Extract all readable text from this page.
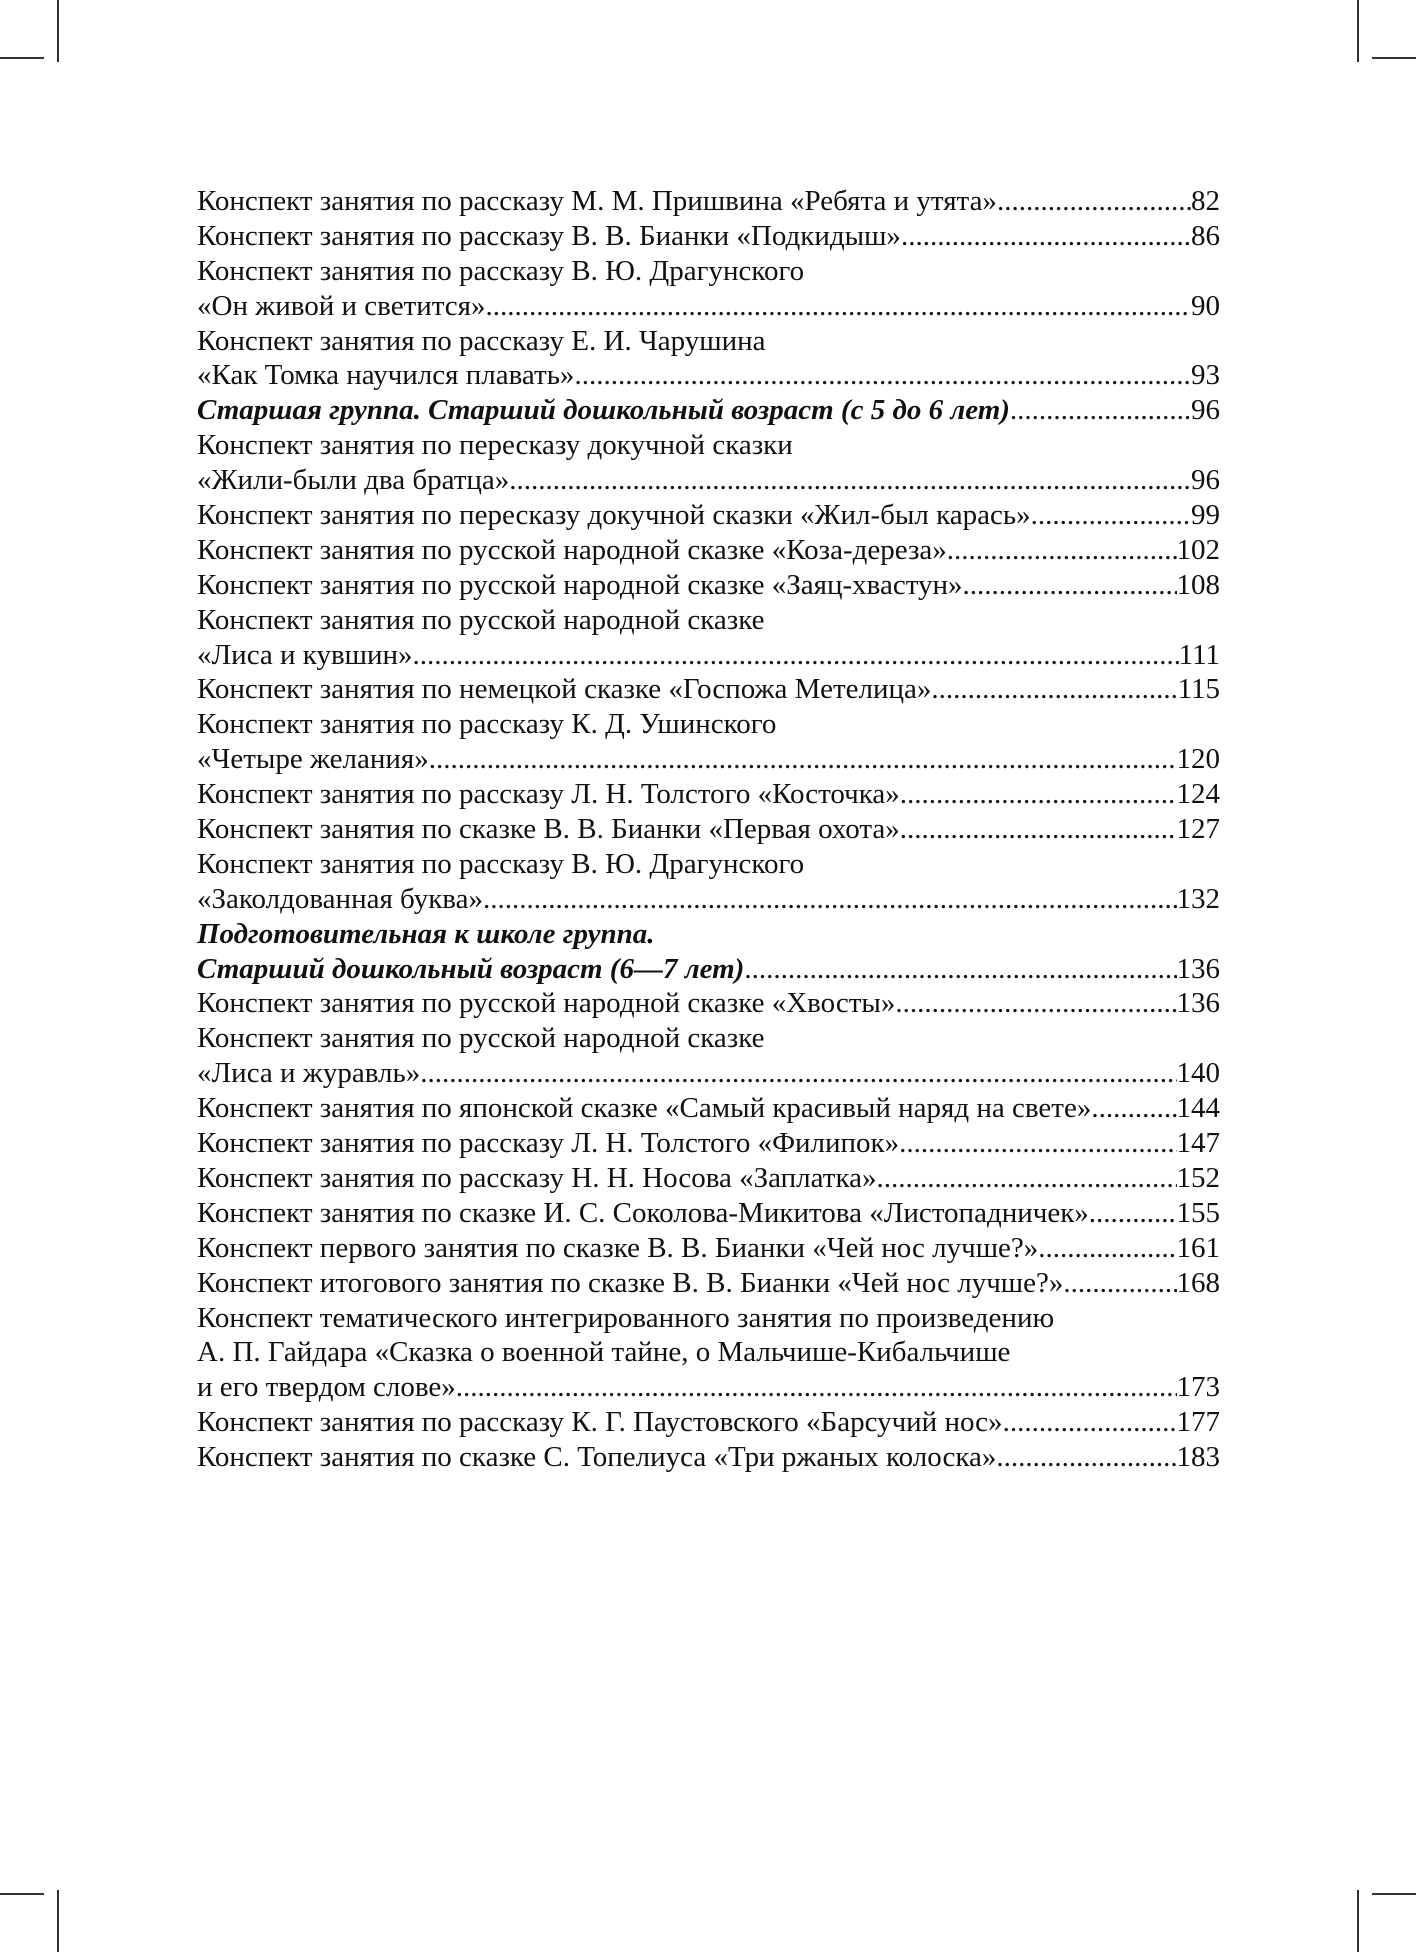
Конспект занятия по рассказу М. М. Пришвина «Ребята и утята» .....	82
Конспект занятия по рассказу В. В. Бианки «Подкидыш» .....	86
Конспект занятия по рассказу В. Ю. Драгунского
«Он живой и светится» .....	90
Конспект занятия по рассказу Е. И. Чарушина
«Как Томка научился плавать» .....	93
Старшая группа. Старший дошкольный возраст (с 5 до 6 лет) .....	96
Конспект занятия по пересказу докучной сказки
«Жили-были два братца» .....	96
Конспект занятия по пересказу докучной сказки «Жил-был карась» .....	99
Конспект занятия по русской народной сказке «Коза-дереза» .....	102
Конспект занятия по русской народной сказке «Заяц-хвастун» .....	108
Конспект занятия по русской народной сказке
«Лиса и кувшин» .....	111
Конспект занятия по немецкой сказке «Госпожа Метелица» .....	115
Конспект занятия по рассказу К. Д. Ушинского
«Четыре желания» .....	120
Конспект занятия по рассказу Л. Н. Толстого «Косточка» .....	124
Конспект занятия по сказке В. В. Бианки «Первая охота» .....	127
Конспект занятия по рассказу В. Ю. Драгунского
«Заколдованная буква» .....	132
Подготовительная к школе группа.
Старший дошкольный возраст (6—7 лет) .....	136
Конспект занятия по русской народной сказке «Хвосты» .....	136
Конспект занятия по русской народной сказке
«Лиса и журавль» .....	140
Конспект занятия по японской сказке «Самый красивый наряд на свете» .....	144
Конспект занятия по рассказу Л. Н. Толстого «Филипок» .....	147
Конспект занятия по рассказу Н. Н. Носова «Заплатка» .....	152
Конспект занятия по сказке И. С. Соколова-Микитова «Листопадничек» .....	155
Конспект первого занятия по сказке В. В. Бианки «Чей нос лучше?» .....	161
Конспект итогового занятия по сказке В. В. Бианки «Чей нос лучше?» .....	168
Конспект тематического интегрированного занятия по произведению
А. П. Гайдара «Сказка о военной тайне, о Мальчише-Кибальчише
и его твердом слове» .....	173
Конспект занятия по рассказу К. Г. Паустовского «Барсучий нос» .....	177
Конспект занятия по сказке С. Топелиуса «Три ржаных колоска» .....	183
